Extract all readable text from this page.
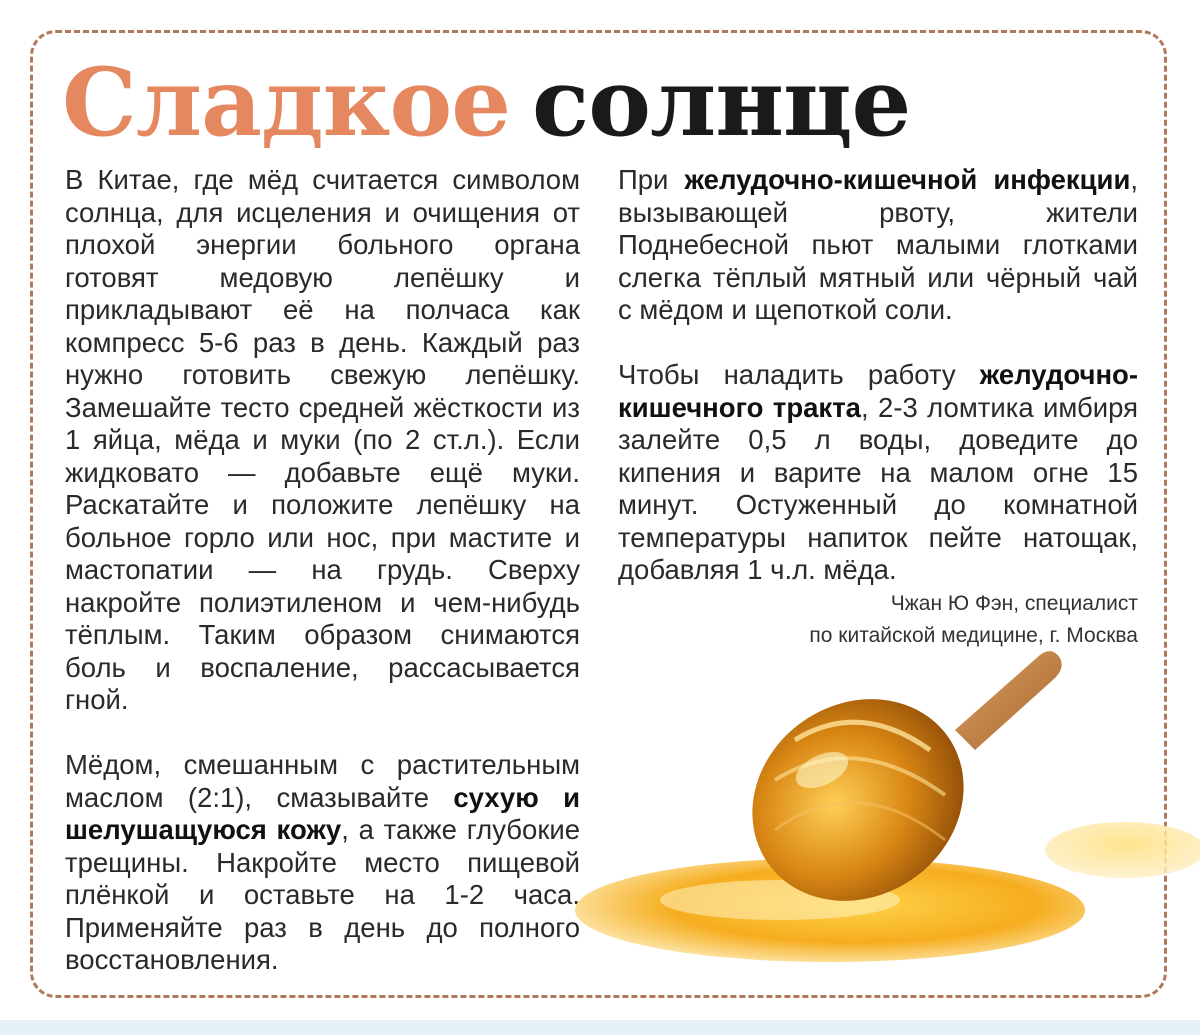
Сладкое солнце

В Китае, где мёд считается символом солнца, для исцеления и очищения от плохой энергии больного органа готовят медовую лепёшку и прикладывают её на полчаса как компресс 5-6 раз в день. Каждый раз нужно готовить свежую лепёшку. Замешайте тесто средней жёсткости из 1 яйца, мёда и муки (по 2 ст.л.). Если жидковато — добавьте ещё муки. Раскатайте и положите лепёшку на больное горло или нос, при мастите и мастопатии — на грудь. Сверху накройте полиэтиленом и чем-нибудь тёплым. Таким образом снимаются боль и воспаление, рассасывается гной.

Мёдом, смешанным с растительным маслом (2:1), смазывайте сухую и шелушащуюся кожу, а также глубокие трещины. Накройте место пищевой плёнкой и оставьте на 1-2 часа. Применяйте раз в день до полного восстановления.

При желудочно-кишечной инфекции, вызывающей рвоту, жители Поднебесной пьют малыми глотками слегка тёплый мятный или чёрный чай с мёдом и щепоткой соли.

Чтобы наладить работу желудочно-кишечного тракта, 2-3 ломтика имбиря залейте 0,5 л воды, доведите до кипения и варите на малом огне 15 минут. Остуженный до комнатной температуры напиток пейте натощак, добавляя 1 ч.л. мёда.

Чжан Ю Фэн, специалист
по китайской медицине, г. Москва
